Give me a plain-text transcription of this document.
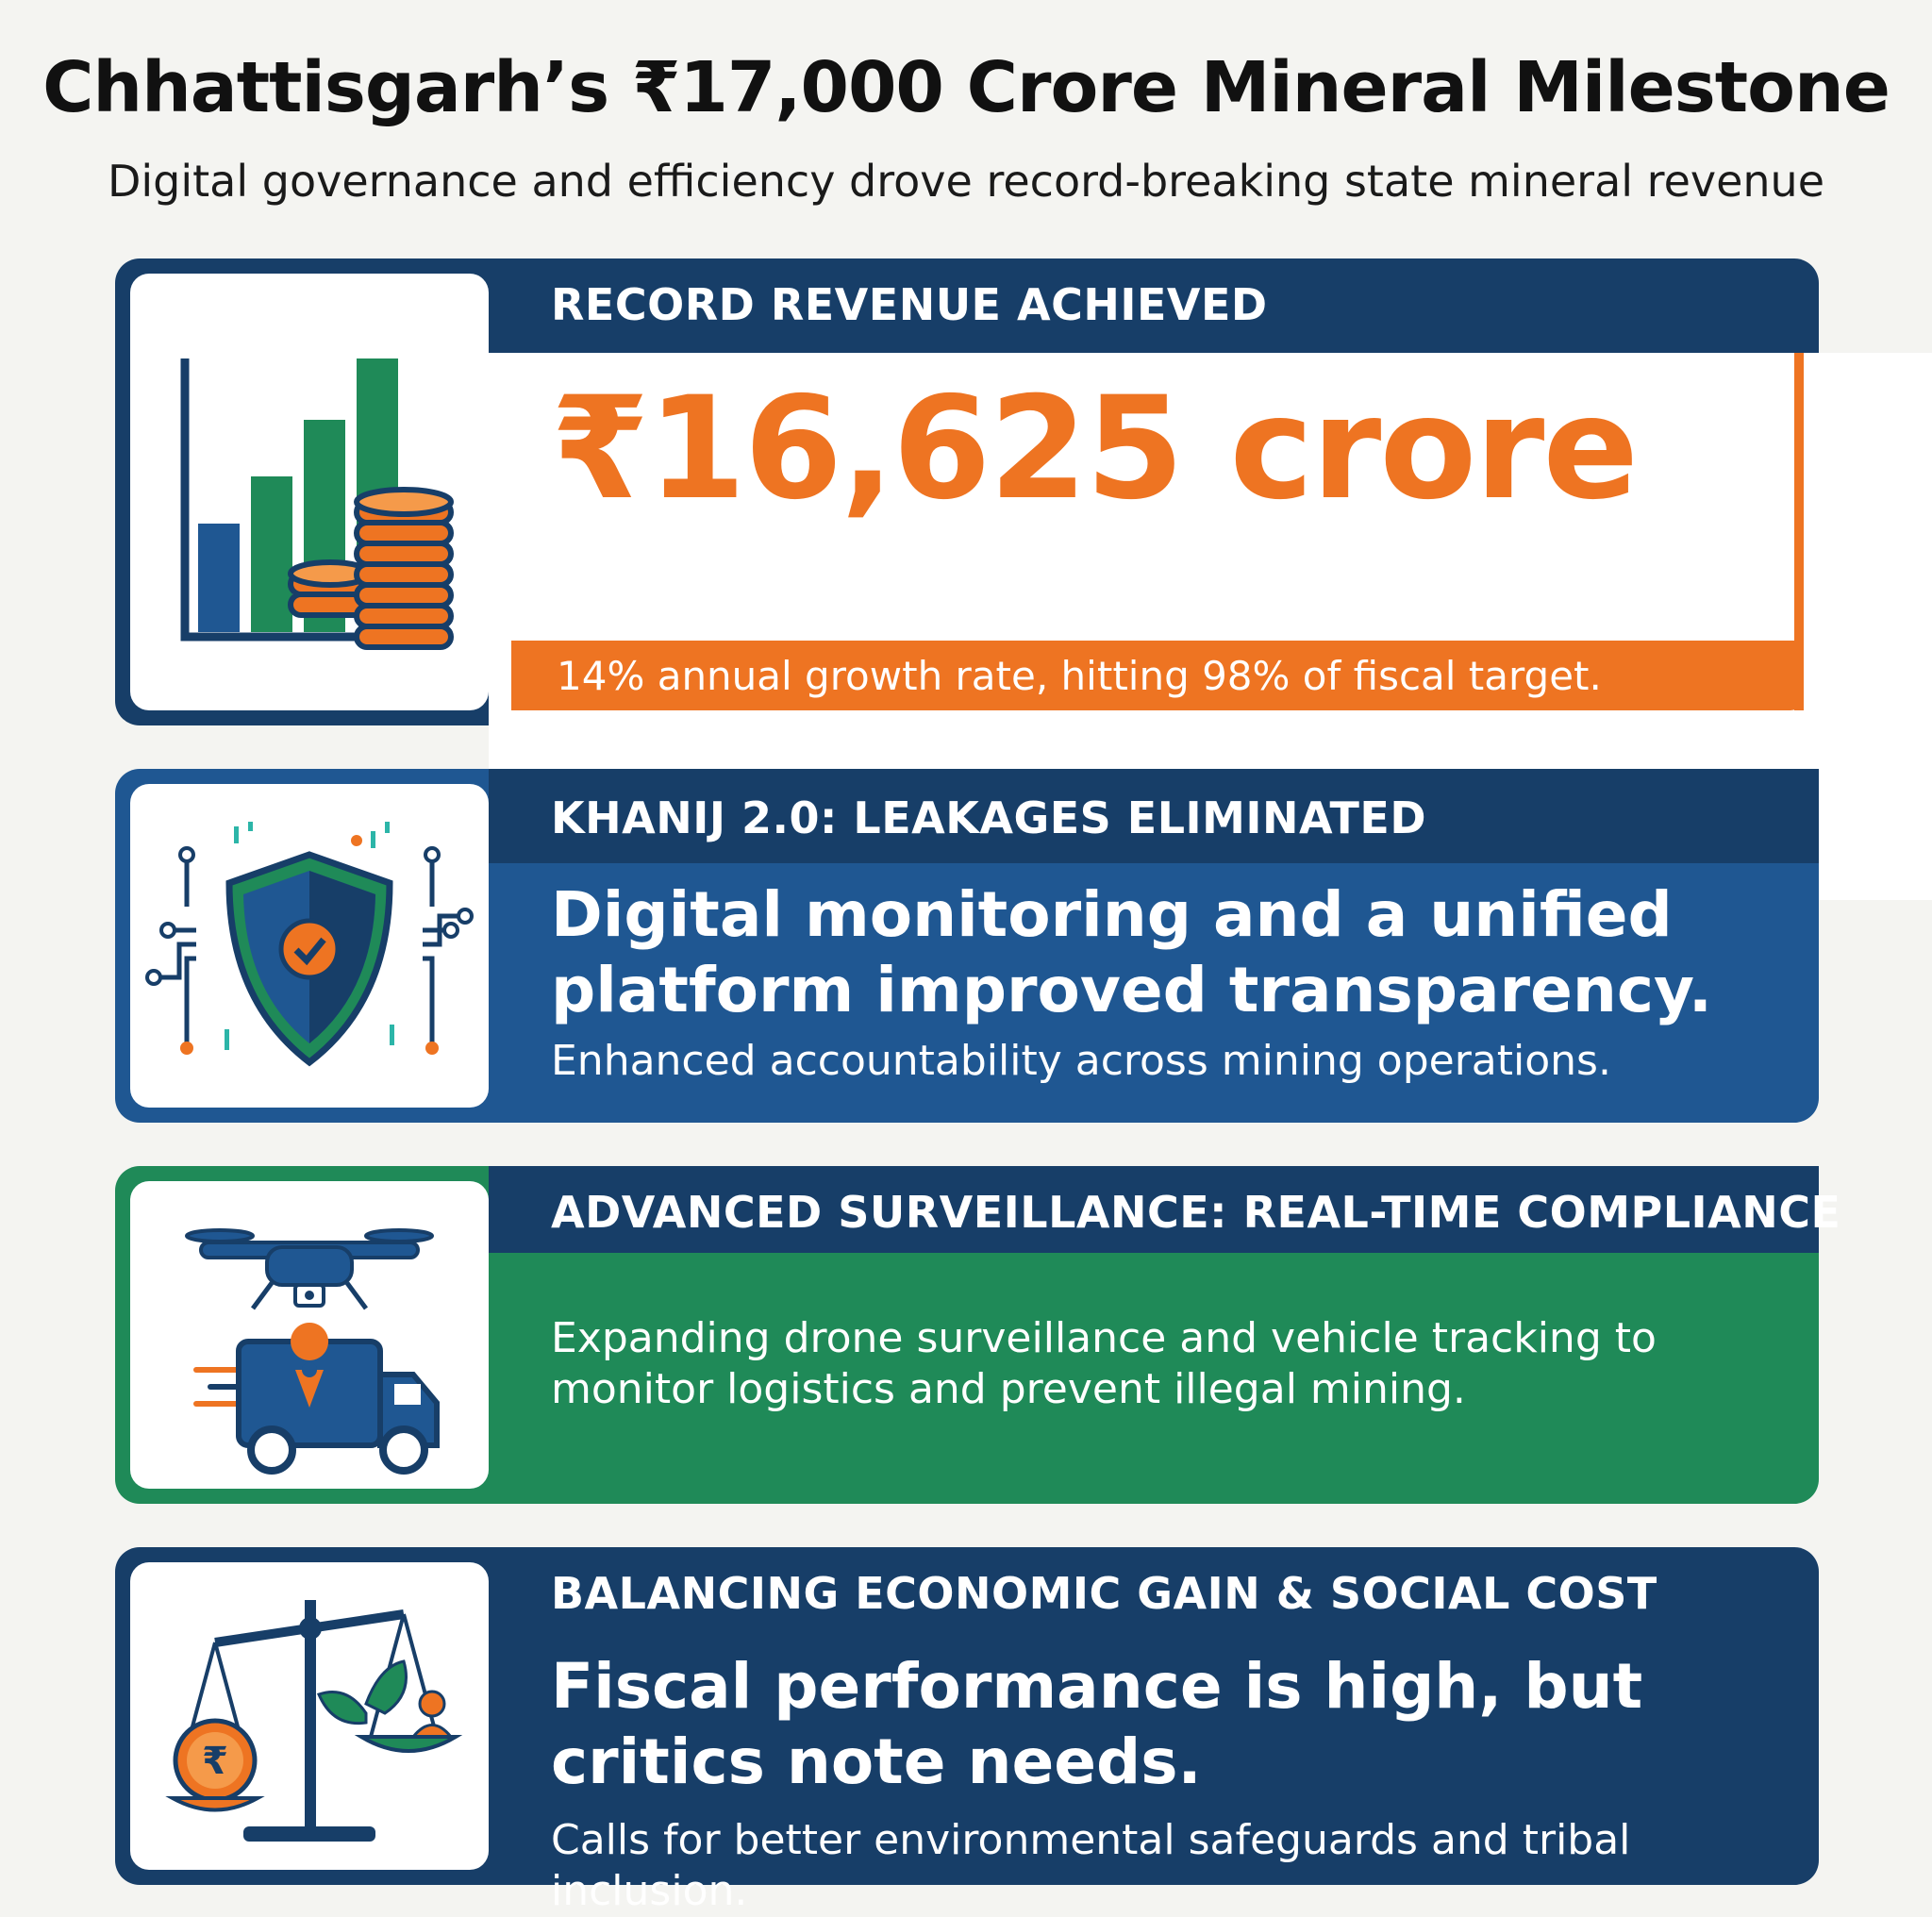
Chhattisgarh’s ₹17,000 Crore Mineral Milestone
Digital governance and efficiency drove record-breaking state mineral revenue
RECORD REVENUE ACHIEVED
₹16,625 crore
14% annual growth rate, hitting 98% of fiscal target.
KHANIJ 2.0: LEAKAGES ELIMINATED
Digital monitoring and a unified platform improved transparency.
Enhanced accountability across mining operations.
ADVANCED SURVEILLANCE: REAL-TIME COMPLIANCE
Expanding drone surveillance and vehicle tracking to monitor logistics and prevent illegal mining.
₹
BALANCING ECONOMIC GAIN & SOCIAL COST
Fiscal performance is high, but critics note needs.
Calls for better environmental safeguards and tribal inclusion.
